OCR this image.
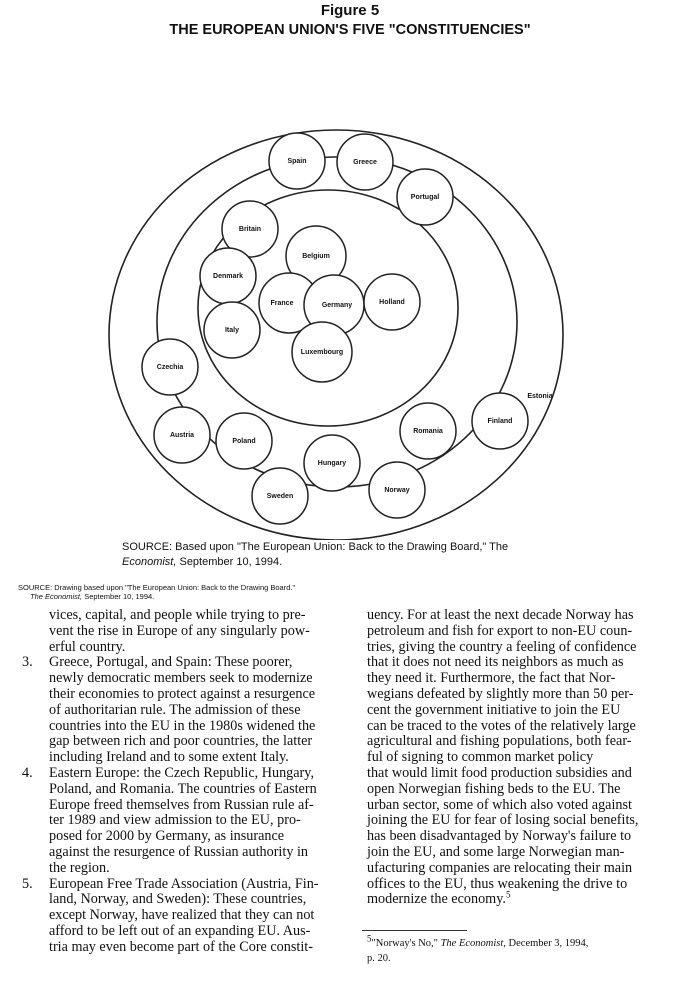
Figure 5
THE EUROPEAN UNION'S FIVE "CONSTITUENCIES"
Spain	Greece
Portugal
Britain
Denmark
Italy
Belgium
France	Germany	Holland
Luxembourg
Czechia
Austria
Poland
Hungary
Sweden
Norway
Romania
Finland
Estonia
SOURCE: Based upon "The European Union: Back to the Drawing Board," The
Economist, September 10, 1994.
SOURCE: Drawing based upon "The European Union: Back to the Drawing Board."
The Economist, September 10, 1994.
vices, capital, and people while trying to pre-
vent the rise in Europe of any singularly pow-
erful country.
3. Greece, Portugal, and Spain: These poorer,
newly democratic members seek to modernize
their economies to protect against a resurgence
of authoritarian rule. The admission of these
countries into the EU in the 1980s widened the
gap between rich and poor countries, the latter
including Ireland and to some extent Italy.
4. Eastern Europe: the Czech Republic, Hungary,
Poland, and Romania. The countries of Eastern
Europe freed themselves from Russian rule af-
ter 1989 and view admission to the EU, pro-
posed for 2000 by Germany, as insurance
against the resurgence of Russian authority in
the region.
5. European Free Trade Association (Austria, Fin-
land, Norway, and Sweden): These countries,
except Norway, have realized that they can not
afford to be left out of an expanding EU. Aus-
tria may even become part of the Core constit-
uency. For at least the next decade Norway has
petroleum and fish for export to non-EU coun-
tries, giving the country a feeling of confidence
that it does not need its neighbors as much as
they need it. Furthermore, the fact that Nor-
wegians defeated by slightly more than 50 per-
cent the government initiative to join the EU
can be traced to the votes of the relatively large
agricultural and fishing populations, both fear-
ful of signing to common market policy
that would limit food production subsidies and
open Norwegian fishing beds to the EU. The
urban sector, some of which also voted against
joining the EU for fear of losing social benefits,
has been disadvantaged by Norway's failure to
join the EU, and some large Norwegian man-
ufacturing companies are relocating their main
offices to the EU, thus weakening the drive to
modernize the economy.$^5$
$^5$"Norway's No," The Economist, December 3, 1994,
p. 20.
